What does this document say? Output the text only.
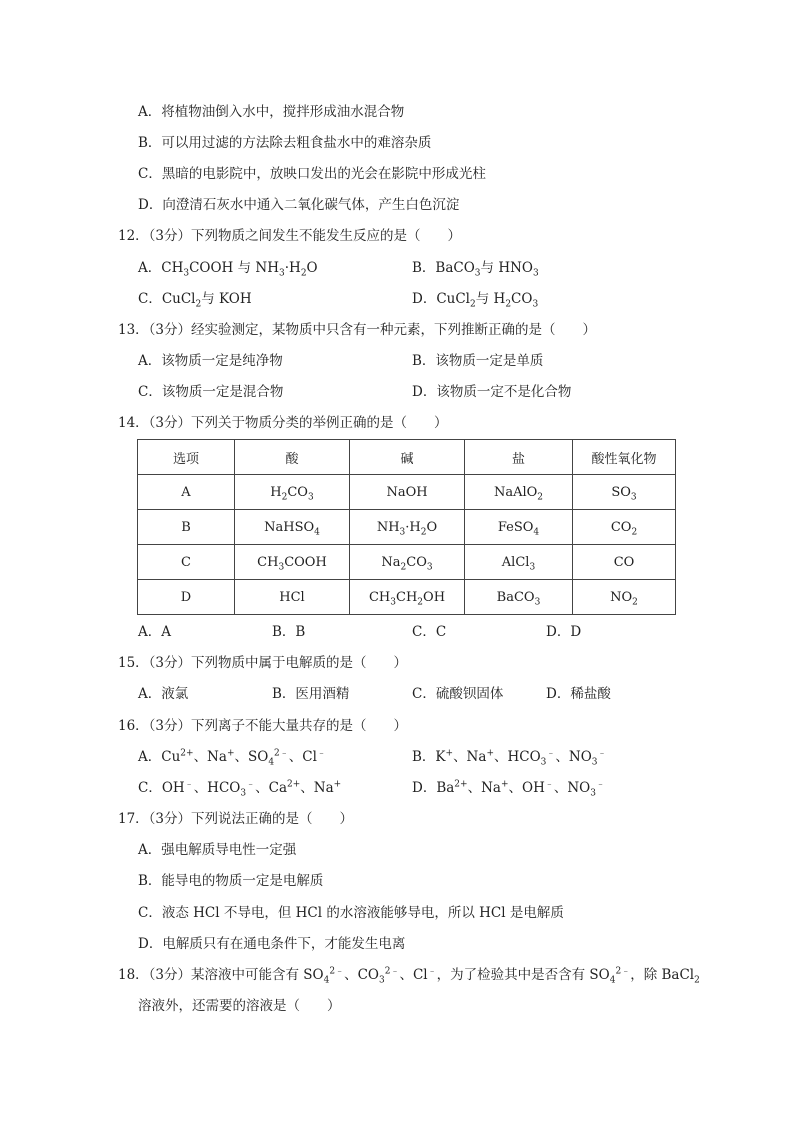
A．将植物油倒入水中，搅拌形成油水混合物
B．可以用过滤的方法除去粗食盐水中的难溶杂质
C．黑暗的电影院中，放映口发出的光会在影院中形成光柱
D．向澄清石灰水中通入二氧化碳气体，产生白色沉淀
12．（3分）下列物质之间发生不能发生反应的是（　　）
A．$CH_3COOH$ 与 $NH_3\cdot H_2O$	B．BaCO$_3$与 $HNO_3$
C．CuCl$_2$与 KOH	D．CuCl$_2$与 $H_2CO_3$
13．（3分）经实验测定，某物质中只含有一种元素，下列推断正确的是（　　）
A．该物质一定是纯净物	B．该物质一定是单质
C．该物质一定是混合物	D．该物质一定不是化合物
14．（3分）下列关于物质分类的举例正确的是（　　）
选项	酸	碱	盐	酸性氧化物
A	$H_2CO_3$	NaOH	NaAlO$_2$	$SO_3$
B	NaHSO$_4$	$NH_3\cdot H_2O$	FeSO$_4$	$CO_2$
C	$CH_3COOH$	$Na_2CO_3$	AlCl$_3$	CO
D	HCl	$CH_3CH_2OH$	BaCO$_3$	$NO_2$
A．A	B．B	C．C	D．D
15．（3分）下列物质中属于电解质的是（　　）
A．液氯	B．医用酒精	C．硫酸钡固体	D．稀盐酸
16．（3分）下列离子不能大量共存的是（　　）
A．$Cu^{2+}$、Na+、$SO_4^{2﹣}$、Cl﹣	B．K+、Na+、$HCO_3^﹣$、$NO_3^﹣$
C．OH﹣、$HCO_3^﹣$、$Ca^{2+}$、Na+	D．$Ba^{2+}$、Na+、OH﹣、$NO_3^﹣$
17．（3分）下列说法正确的是（　　）
A．强电解质导电性一定强
B．能导电的物质一定是电解质
C．液态 HCl 不导电，但 HCl 的水溶液能够导电，所以 HCl 是电解质
D．电解质只有在通电条件下，才能发生电离
18．（3分）某溶液中可能含有 $SO_4^{2﹣}$、$CO_3^{2﹣}$、Cl﹣，为了检验其中是否含有 $SO_4^{2﹣}$，除 BaCl$_2$
溶液外，还需要的溶液是（　　）
